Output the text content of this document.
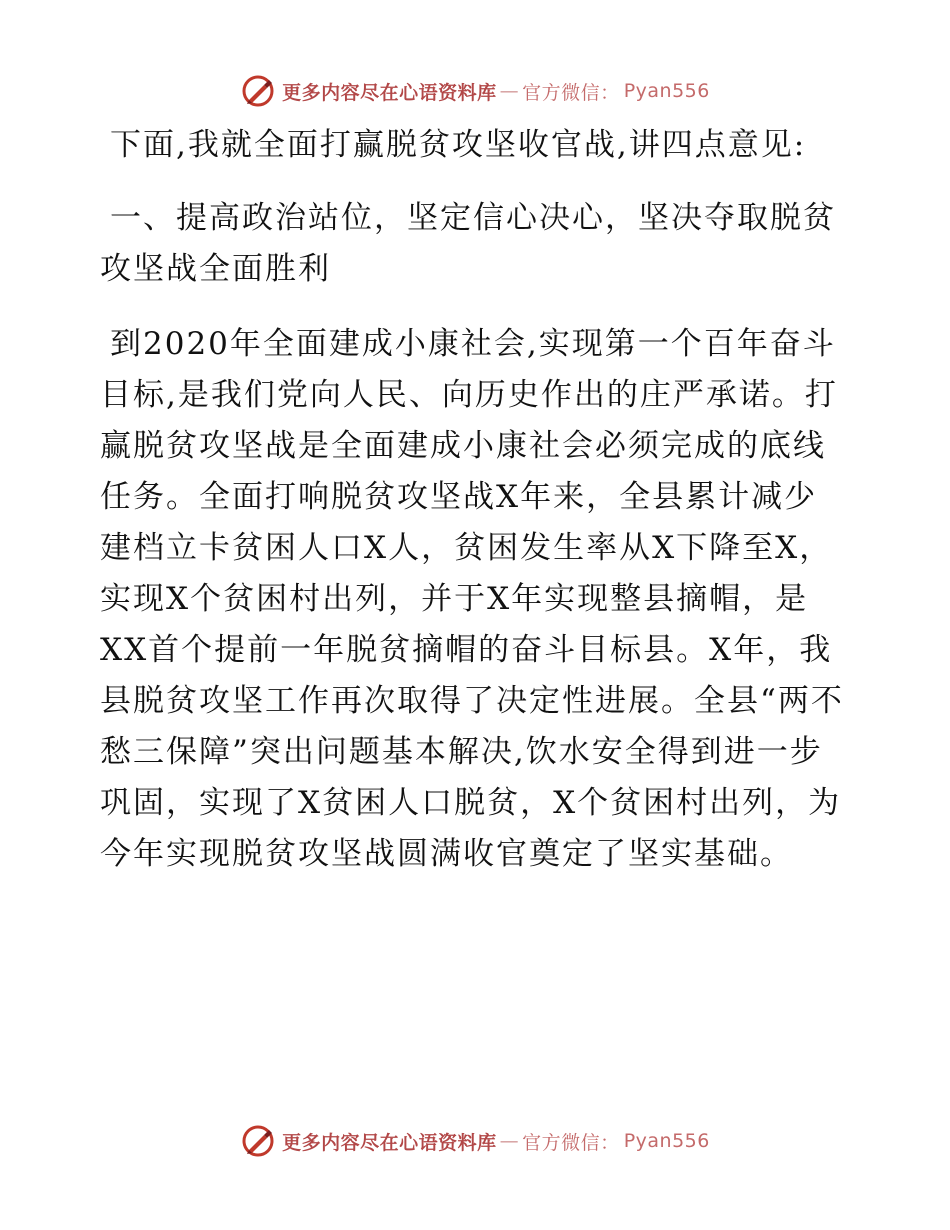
更多内容尽在心语资料库 — 官方微信： Pyan556

下面,我就全面打赢脱贫攻坚收官战,讲四点意见:

一、提高政治站位，坚定信心决心，坚决夺取脱贫攻坚战全面胜利

到2020年全面建成小康社会,实现第一个百年奋斗目标,是我们党向人民、向历史作出的庄严承诺。打赢脱贫攻坚战是全面建成小康社会必须完成的底线任务。全面打响脱贫攻坚战X年来，全县累计减少建档立卡贫困人口X人，贫困发生率从X下降至X，实现X个贫困村出列，并于X年实现整县摘帽，是XX首个提前一年脱贫摘帽的奋斗目标县。X年，我县脱贫攻坚工作再次取得了决定性进展。全县“两不愁三保障”突出问题基本解决,饮水安全得到进一步巩固，实现了X贫困人口脱贫，X个贫困村出列，为今年实现脱贫攻坚战圆满收官奠定了坚实基础。

更多内容尽在心语资料库 — 官方微信： Pyan556
